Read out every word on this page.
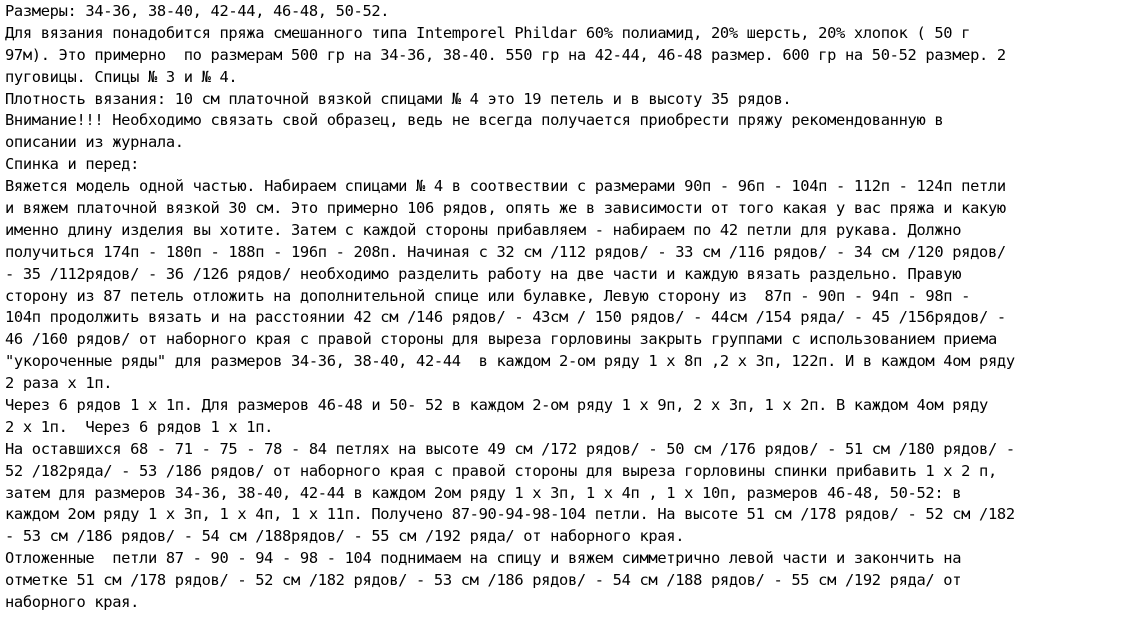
Размеры: 34-36, 38-40, 42-44, 46-48, 50-52.
Для вязания понадобится пряжа смешанного типа Intemporel Phildar 60% полиамид, 20% шерсть, 20% хлопок ( 50 г
97м). Это примерно  по размерам 500 гр на 34-36, 38-40. 550 гр на 42-44, 46-48 размер. 600 гр на 50-52 размер. 2
пуговицы. Спицы № 3 и № 4.
Плотность вязания: 10 см платочной вязкой спицами № 4 это 19 петель и в высоту 35 рядов.
Внимание!!! Необходимо связать свой образец, ведь не всегда получается приобрести пряжу рекомендованную в
описании из журнала.
Спинка и перед:
Вяжется модель одной частью. Набираем спицами № 4 в соотвествии с размерами 90п - 96п - 104п - 112п - 124п петли
и вяжем платочной вязкой 30 см. Это примерно 106 рядов, опять же в зависимости от того какая у вас пряжа и какую
именно длину изделия вы хотите. Затем с каждой стороны прибавляем - набираем по 42 петли для рукава. Должно
получиться 174п - 180п - 188п - 196п - 208п. Начиная с 32 см /112 рядов/ - 33 см /116 рядов/ - 34 см /120 рядов/
- 35 /112рядов/ - 36 /126 рядов/ необходимо разделить работу на две части и каждую вязать раздельно. Правую
сторону из 87 петель отложить на дополнительной спице или булавке, Левую сторону из  87п - 90п - 94п - 98п -
104п продолжить вязать и на расстоянии 42 см /146 рядов/ - 43см / 150 рядов/ - 44см /154 ряда/ - 45 /156рядов/ -
46 /160 рядов/ от наборного края с правой стороны для выреза горловины закрыть группами с использованием приема
"укороченные ряды" для размеров 34-36, 38-40, 42-44  в каждом 2-ом ряду 1 х 8п ,2 х 3п, 122п. И в каждом 4ом ряду
2 раза х 1п.
Через 6 рядов 1 х 1п. Для размеров 46-48 и 50- 52 в каждом 2-ом ряду 1 х 9п, 2 х 3п, 1 х 2п. В каждом 4ом ряду
2 х 1п.  Через 6 рядов 1 х 1п.
На оставшихся 68 - 71 - 75 - 78 - 84 петлях на высоте 49 см /172 рядов/ - 50 см /176 рядов/ - 51 см /180 рядов/ -
52 /182ряда/ - 53 /186 рядов/ от наборного края с правой стороны для выреза горловины спинки прибавить 1 х 2 п,
затем для размеров 34-36, 38-40, 42-44 в каждом 2ом ряду 1 х 3п, 1 х 4п , 1 х 10п, размеров 46-48, 50-52: в
каждом 2ом ряду 1 х 3п, 1 х 4п, 1 х 11п. Получено 87-90-94-98-104 петли. На высоте 51 см /178 рядов/ - 52 см /182
- 53 см /186 рядов/ - 54 см /188рядов/ - 55 см /192 ряда/ от наборного края.
Отложенные  петли 87 - 90 - 94 - 98 - 104 поднимаем на спицу и вяжем симметрично левой части и закончить на
отметке 51 см /178 рядов/ - 52 см /182 рядов/ - 53 см /186 рядов/ - 54 см /188 рядов/ - 55 см /192 ряда/ от
наборного края.
